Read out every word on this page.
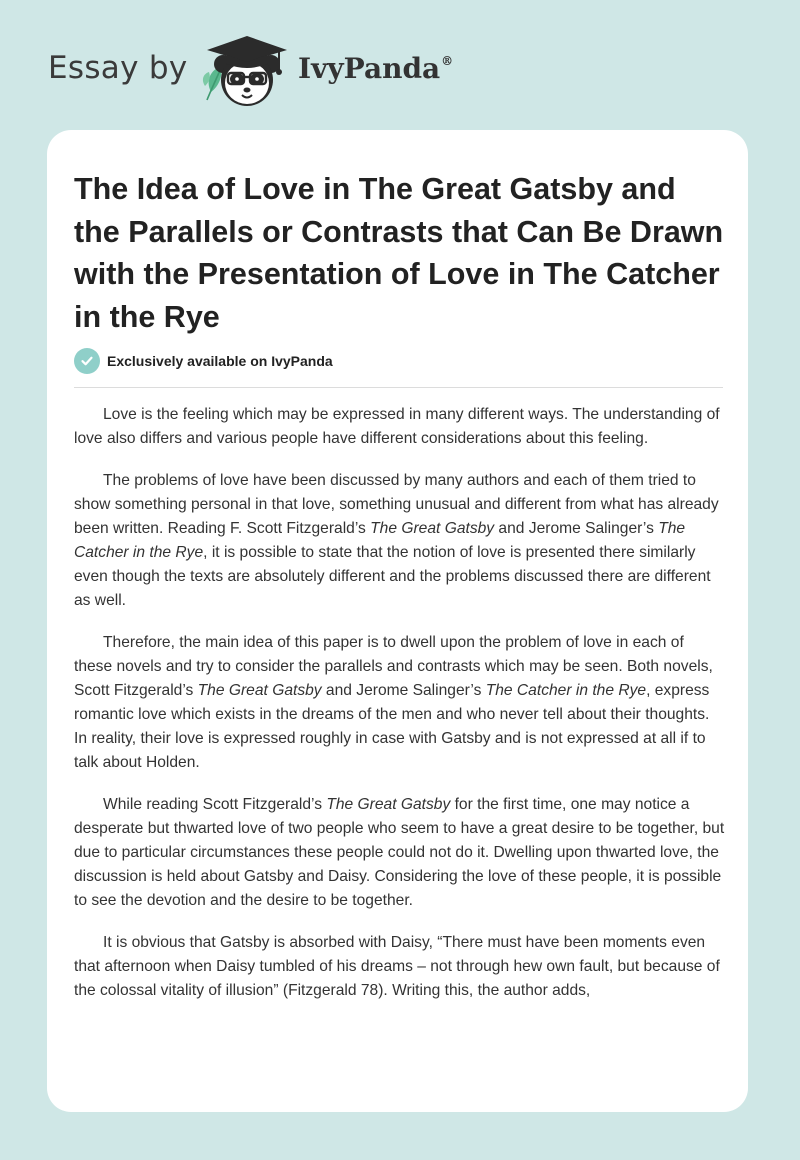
Essay by	IvyPanda®
The Idea of Love in The Great Gatsby and the Parallels or Contrasts that Can Be Drawn with the Presentation of Love in The Catcher in the Rye
Exclusively available on IvyPanda

Love is the feeling which may be expressed in many different ways. The understanding of love also differs and various people have different considerations about this feeling.

The problems of love have been discussed by many authors and each of them tried to show something personal in that love, something unusual and different from what has already been written. Reading F. Scott Fitzgerald’s The Great Gatsby and Jerome Salinger’s The Catcher in the Rye, it is possible to state that the notion of love is presented there similarly even though the texts are absolutely different and the problems discussed there are different as well.

Therefore, the main idea of this paper is to dwell upon the problem of love in each of these novels and try to consider the parallels and contrasts which may be seen. Both novels, Scott Fitzgerald’s The Great Gatsby and Jerome Salinger’s The Catcher in the Rye, express romantic love which exists in the dreams of the men and who never tell about their thoughts. In reality, their love is expressed roughly in case with Gatsby and is not expressed at all if to talk about Holden.

While reading Scott Fitzgerald’s The Great Gatsby for the first time, one may notice a desperate but thwarted love of two people who seem to have a great desire to be together, but due to particular circumstances these people could not do it. Dwelling upon thwarted love, the discussion is held about Gatsby and Daisy. Considering the love of these people, it is possible to see the devotion and the desire to be together.

It is obvious that Gatsby is absorbed with Daisy, “There must have been moments even that afternoon when Daisy tumbled of his dreams – not through hew own fault, but because of the colossal vitality of illusion” (Fitzgerald 78). Writing this, the author adds,
